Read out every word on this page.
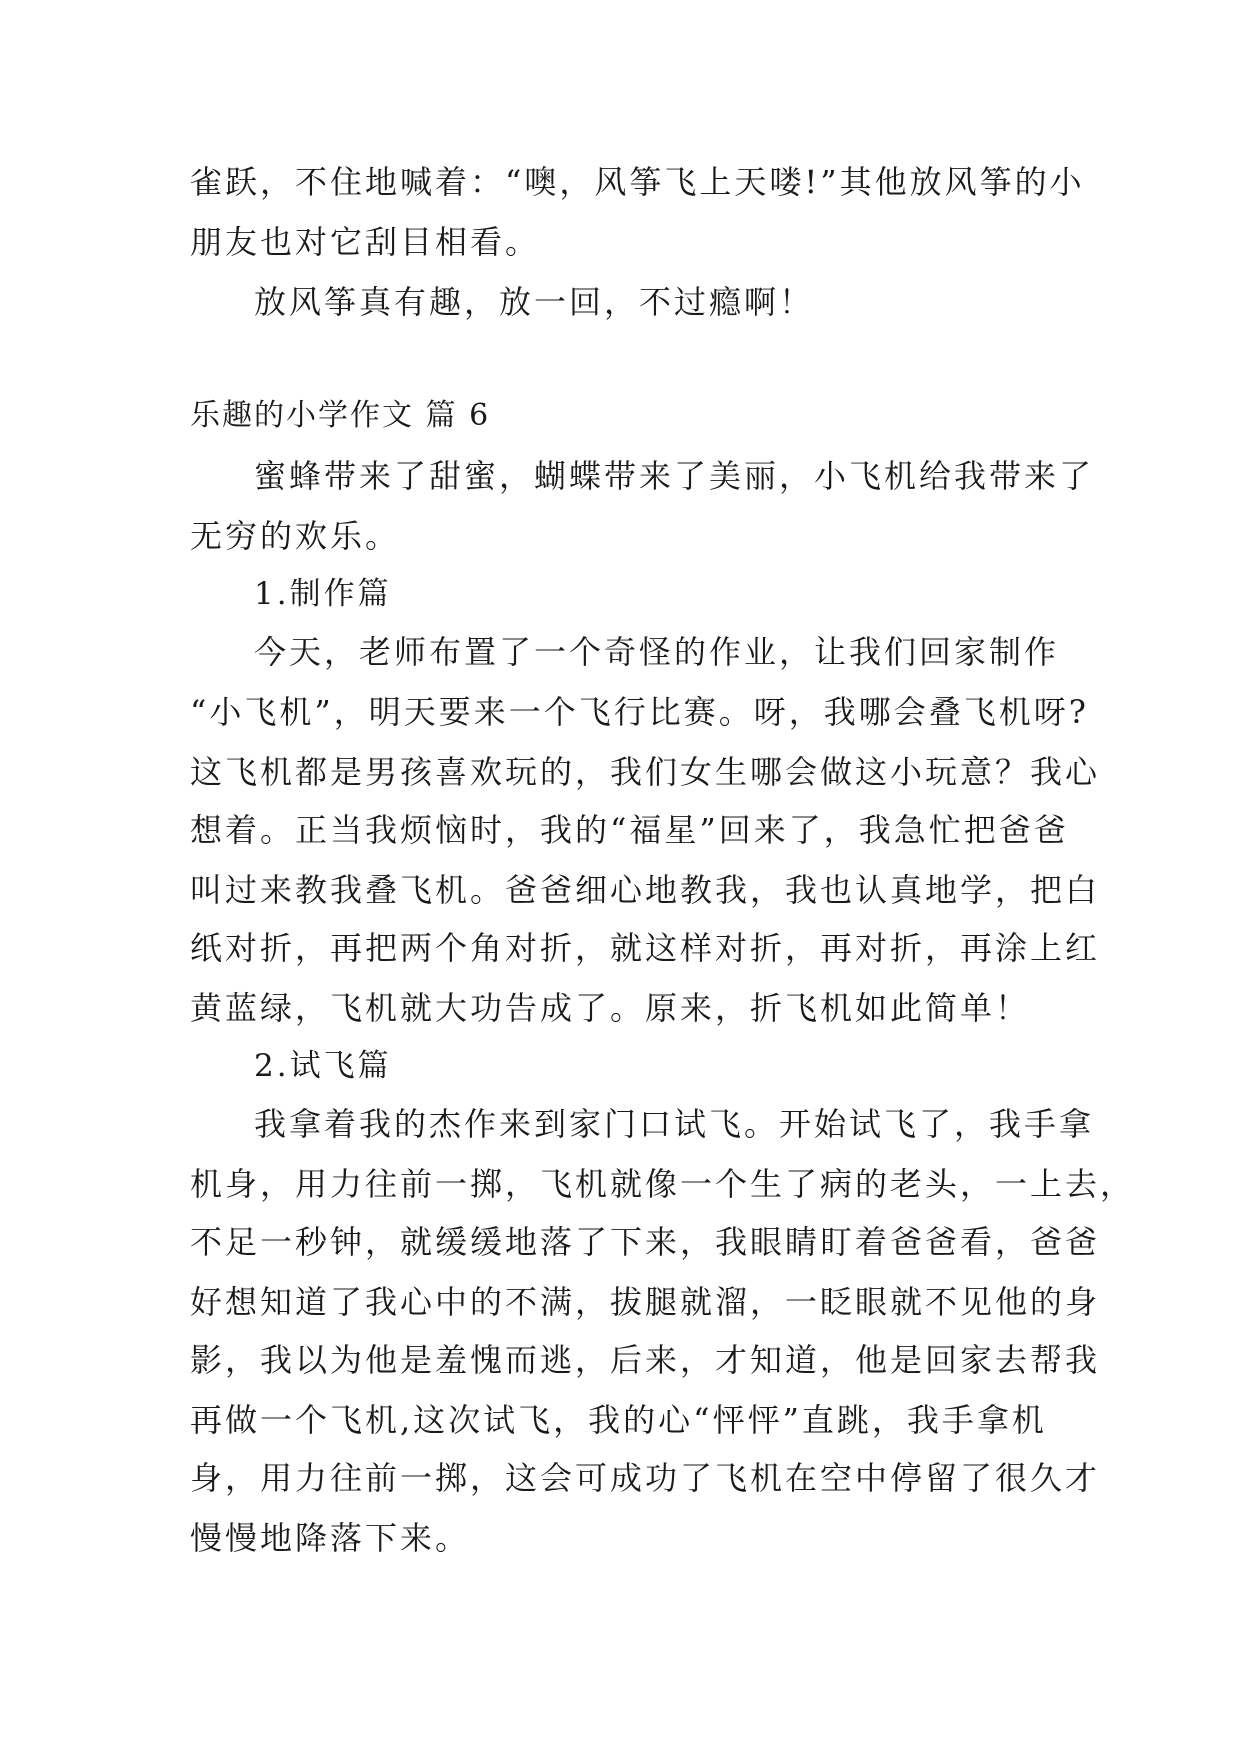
雀跃，不住地喊着：“噢，风筝飞上天喽!”其他放风筝的小
朋友也对它刮目相看。
放风筝真有趣，放一回，不过瘾啊！
乐趣的小学作文 篇 6
蜜蜂带来了甜蜜，蝴蝶带来了美丽，小飞机给我带来了
无穷的欢乐。
1.制作篇
今天，老师布置了一个奇怪的作业，让我们回家制作
“小飞机”，明天要来一个飞行比赛。呀，我哪会叠飞机呀?
这飞机都是男孩喜欢玩的，我们女生哪会做这小玩意？我心
想着。正当我烦恼时，我的“福星”回来了，我急忙把爸爸
叫过来教我叠飞机。爸爸细心地教我，我也认真地学，把白
纸对折，再把两个角对折，就这样对折，再对折，再涂上红
黄蓝绿，飞机就大功告成了。原来，折飞机如此简单！
2.试飞篇
我拿着我的杰作来到家门口试飞。开始试飞了，我手拿
机身，用力往前一掷，飞机就像一个生了病的老头，一上去，
不足一秒钟，就缓缓地落了下来，我眼睛盯着爸爸看，爸爸
好想知道了我心中的不满，拔腿就溜，一眨眼就不见他的身
影，我以为他是羞愧而逃，后来，才知道，他是回家去帮我
再做一个飞机,这次试飞，我的心“怦怦”直跳，我手拿机
身，用力往前一掷，这会可成功了飞机在空中停留了很久才
慢慢地降落下来。
